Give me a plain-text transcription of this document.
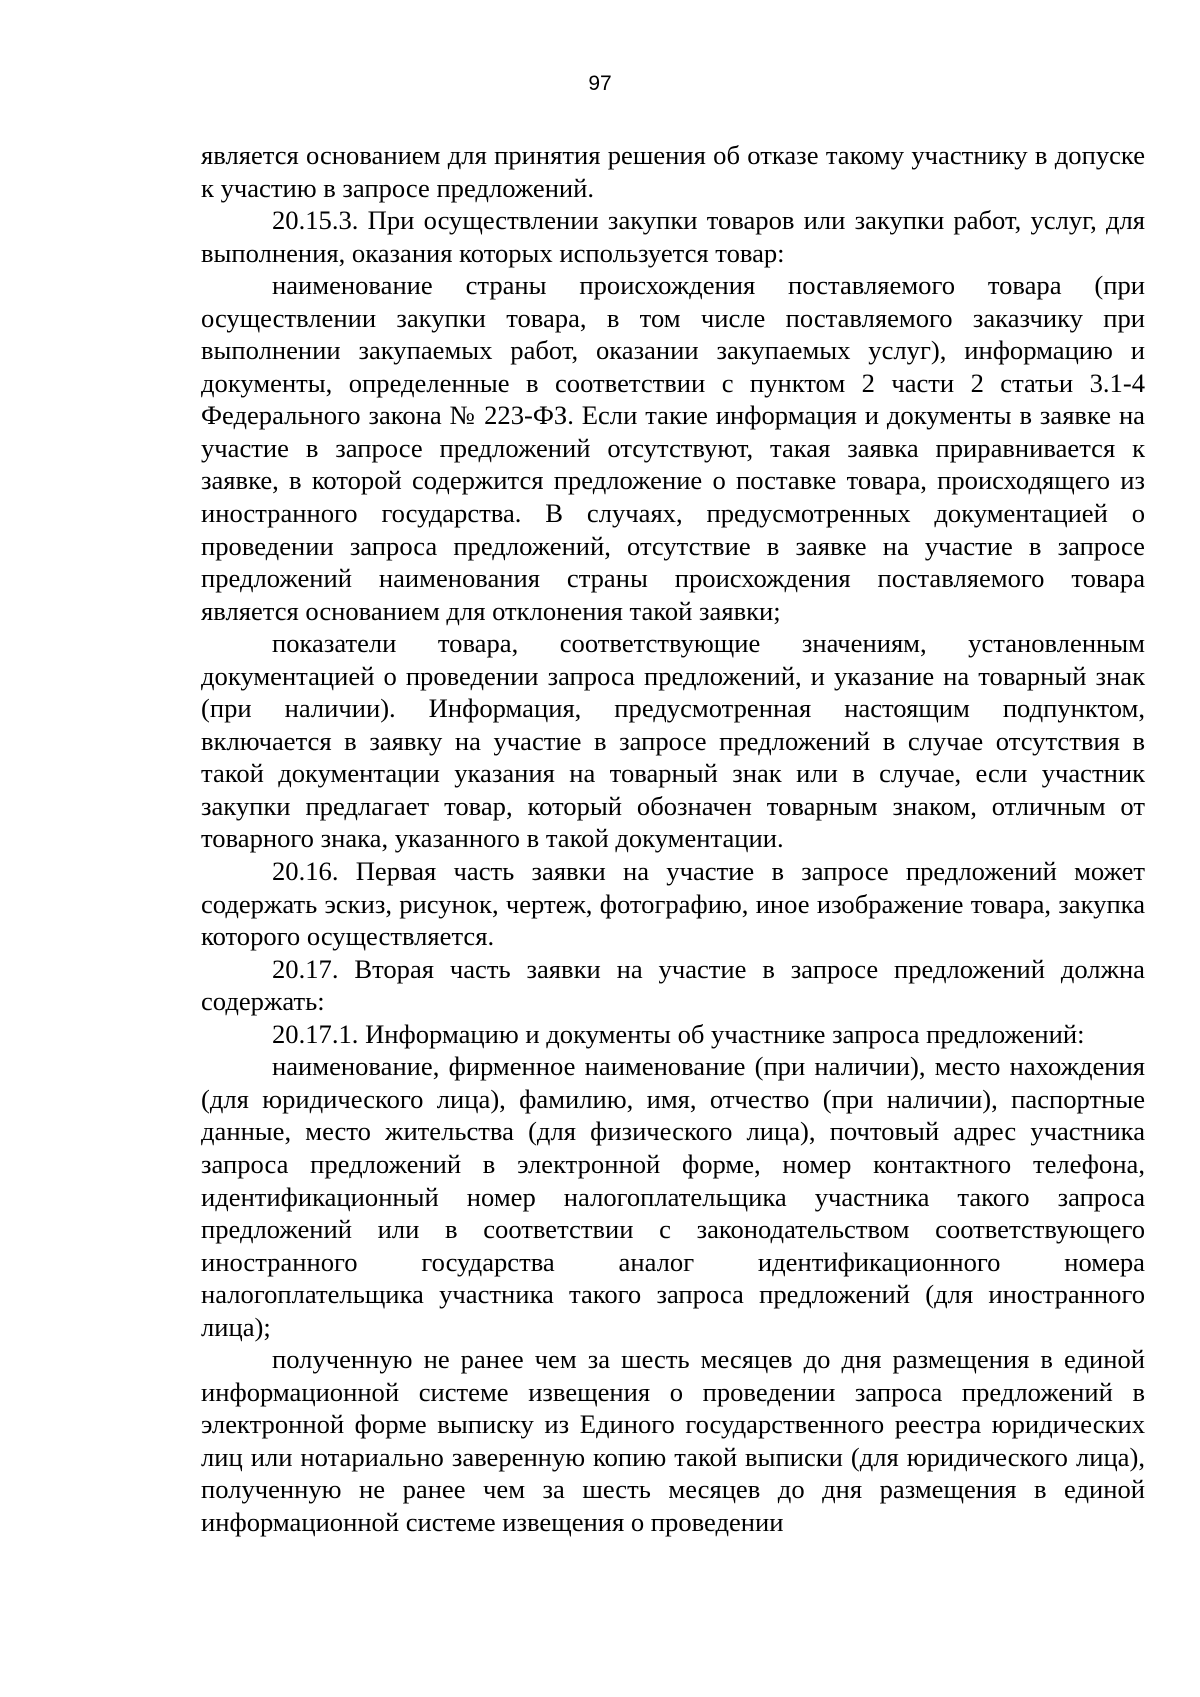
97

является основанием для принятия решения об отказе такому участнику в допуске к участию в запросе предложений.

20.15.3. При осуществлении закупки товаров или закупки работ, услуг, для выполнения, оказания которых используется товар:

наименование страны происхождения поставляемого товара (при осуществлении закупки товара, в том числе поставляемого заказчику при выполнении закупаемых работ, оказании закупаемых услуг), информацию и документы, определенные в соответствии с пунктом 2 части 2 статьи 3.1-4 Федерального закона № 223-ФЗ. Если такие информация и документы в заявке на участие в запросе предложений отсутствуют, такая заявка приравнивается к заявке, в которой содержится предложение о поставке товара, происходящего из иностранного государства. В случаях, предусмотренных документацией о проведении запроса предложений, отсутствие в заявке на участие в запросе предложений наименования страны происхождения поставляемого товара является основанием для отклонения такой заявки;

показатели товара, соответствующие значениям, установленным документацией о проведении запроса предложений, и указание на товарный знак (при наличии). Информация, предусмотренная настоящим подпунктом, включается в заявку на участие в запросе предложений в случае отсутствия в такой документации указания на товарный знак или в случае, если участник закупки предлагает товар, который обозначен товарным знаком, отличным от товарного знака, указанного в такой документации.

20.16. Первая часть заявки на участие в запросе предложений может содержать эскиз, рисунок, чертеж, фотографию, иное изображение товара, закупка которого осуществляется.

20.17. Вторая часть заявки на участие в запросе предложений должна содержать:

20.17.1. Информацию и документы об участнике запроса предложений:

наименование, фирменное наименование (при наличии), место нахождения (для юридического лица), фамилию, имя, отчество (при наличии), паспортные данные, место жительства (для физического лица), почтовый адрес участника запроса предложений в электронной форме, номер контактного телефона, идентификационный номер налогоплательщика участника такого запроса предложений или в соответствии с законодательством соответствующего иностранного государства аналог идентификационного номера налогоплательщика участника такого запроса предложений (для иностранного лица);

полученную не ранее чем за шесть месяцев до дня размещения в единой информационной системе извещения о проведении запроса предложений в электронной форме выписку из Единого государственного реестра юридических лиц или нотариально заверенную копию такой выписки (для юридического лица), полученную не ранее чем за шесть месяцев до дня размещения в единой информационной системе извещения о проведении
